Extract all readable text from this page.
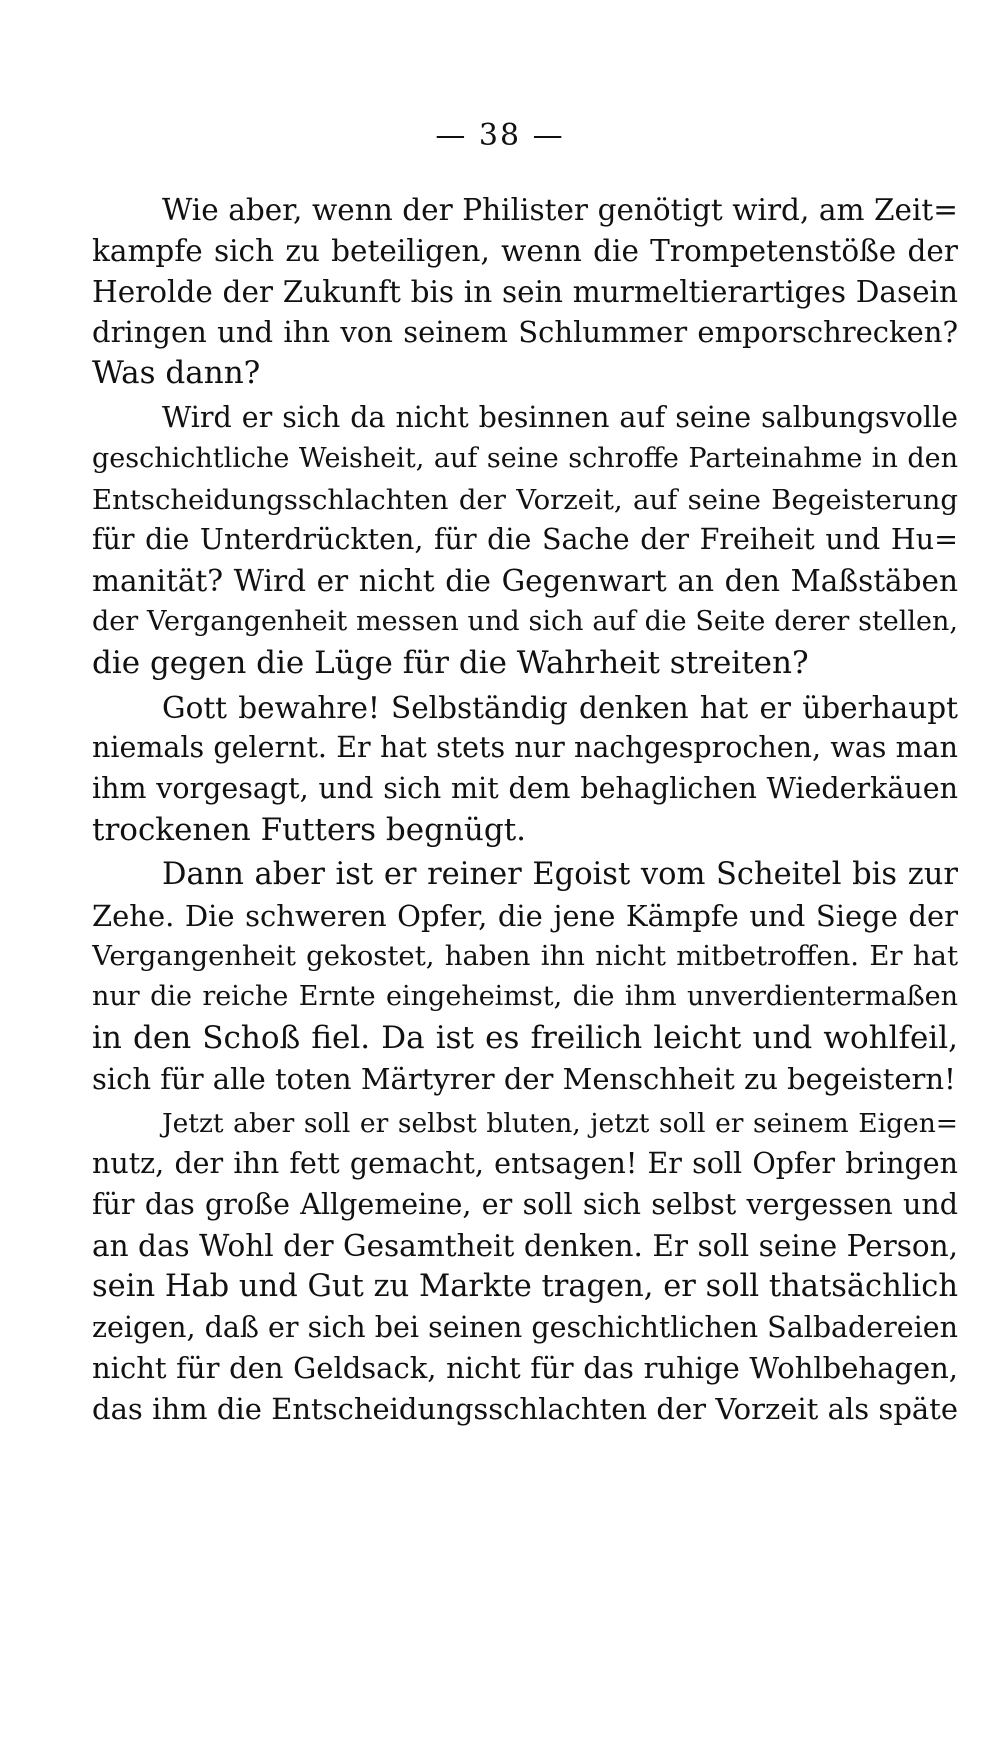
— 38 —
Wie aber, wenn der Philister genötigt wird, am Zeit=
kampfe sich zu beteiligen, wenn die Trompetenstöße der
Herolde der Zukunft bis in sein murmeltierartiges Dasein
dringen und ihn von seinem Schlummer emporschrecken?
Was dann?
Wird er sich da nicht besinnen auf seine salbungsvolle
geschichtliche Weisheit, auf seine schroffe Parteinahme in den
Entscheidungsschlachten der Vorzeit, auf seine Begeisterung
für die Unterdrückten, für die Sache der Freiheit und Hu=
manität? Wird er nicht die Gegenwart an den Maßstäben
der Vergangenheit messen und sich auf die Seite derer stellen,
die gegen die Lüge für die Wahrheit streiten?
Gott bewahre! Selbständig denken hat er überhaupt
niemals gelernt. Er hat stets nur nachgesprochen, was man
ihm vorgesagt, und sich mit dem behaglichen Wiederkäuen
trockenen Futters begnügt.
Dann aber ist er reiner Egoist vom Scheitel bis zur
Zehe. Die schweren Opfer, die jene Kämpfe und Siege der
Vergangenheit gekostet, haben ihn nicht mitbetroffen. Er hat
nur die reiche Ernte eingeheimst, die ihm unverdientermaßen
in den Schoß fiel. Da ist es freilich leicht und wohlfeil,
sich für alle toten Märtyrer der Menschheit zu begeistern!
Jetzt aber soll er selbst bluten, jetzt soll er seinem Eigen=
nutz, der ihn fett gemacht, entsagen! Er soll Opfer bringen
für das große Allgemeine, er soll sich selbst vergessen und
an das Wohl der Gesamtheit denken. Er soll seine Person,
sein Hab und Gut zu Markte tragen, er soll thatsächlich
zeigen, daß er sich bei seinen geschichtlichen Salbadereien
nicht für den Geldsack, nicht für das ruhige Wohlbehagen,
das ihm die Entscheidungsschlachten der Vorzeit als späte
